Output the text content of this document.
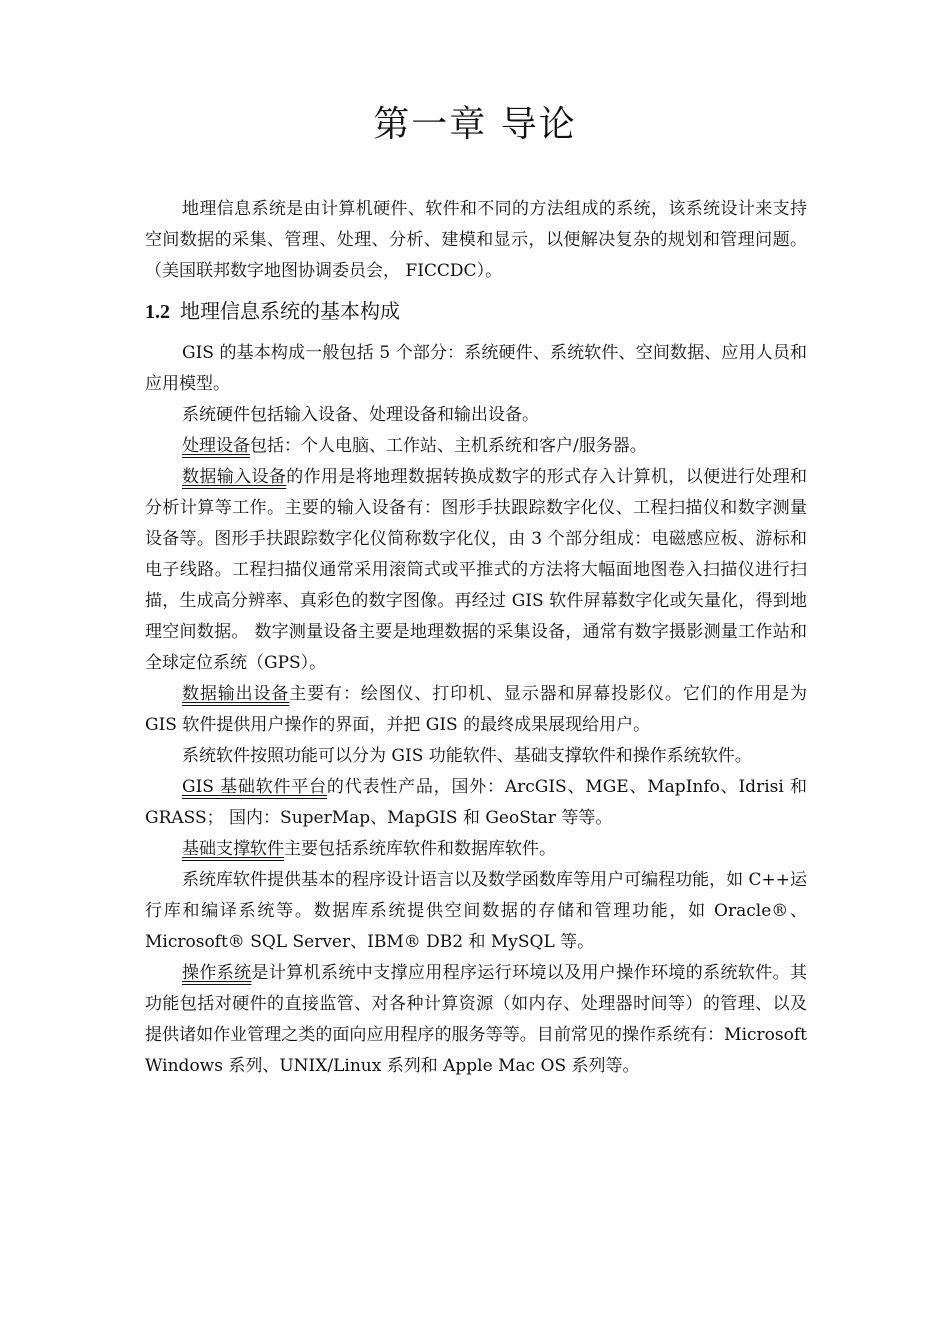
第一章 导论

地理信息系统是由计算机硬件、软件和不同的方法组成的系统，该系统设计来支持空间数据的采集、管理、处理、分析、建模和显示，以便解决复杂的规划和管理问题。（美国联邦数字地图协调委员会， FICCDC）。

1.2 地理信息系统的基本构成

GIS 的基本构成一般包括 5 个部分：系统硬件、系统软件、空间数据、应用人员和应用模型。

系统硬件包括输入设备、处理设备和输出设备。

处理设备包括：个人电脑、工作站、主机系统和客户/服务器。

数据输入设备的作用是将地理数据转换成数字的形式存入计算机，以便进行处理和分析计算等工作。主要的输入设备有：图形手扶跟踪数字化仪、工程扫描仪和数字测量设备等。图形手扶跟踪数字化仪简称数字化仪，由 3 个部分组成：电磁感应板、游标和电子线路。工程扫描仪通常采用滚筒式或平推式的方法将大幅面地图卷入扫描仪进行扫描，生成高分辨率、真彩色的数字图像。再经过 GIS 软件屏幕数字化或矢量化，得到地理空间数据。 数字测量设备主要是地理数据的采集设备，通常有数字摄影测量工作站和全球定位系统（GPS）。

数据输出设备主要有：绘图仪、打印机、显示器和屏幕投影仪。它们的作用是为 GIS 软件提供用户操作的界面，并把 GIS 的最终成果展现给用户。

系统软件按照功能可以分为 GIS 功能软件、基础支撑软件和操作系统软件。

GIS 基础软件平台的代表性产品，国外：ArcGIS、MGE、MapInfo、Idrisi 和 GRASS； 国内：SuperMap、MapGIS 和 GeoStar 等等。

基础支撑软件主要包括系统库软件和数据库软件。

系统库软件提供基本的程序设计语言以及数学函数库等用户可编程功能，如 C++运行库和编译系统等。数据库系统提供空间数据的存储和管理功能，如 Oracle®、Microsoft® SQL Server、IBM® DB2 和 MySQL 等。

操作系统是计算机系统中支撑应用程序运行环境以及用户操作环境的系统软件。其功能包括对硬件的直接监管、对各种计算资源（如内存、处理器时间等）的管理、以及提供诸如作业管理之类的面向应用程序的服务等等。目前常见的操作系统有：Microsoft Windows 系列、UNIX/Linux 系列和 Apple Mac OS 系列等。
